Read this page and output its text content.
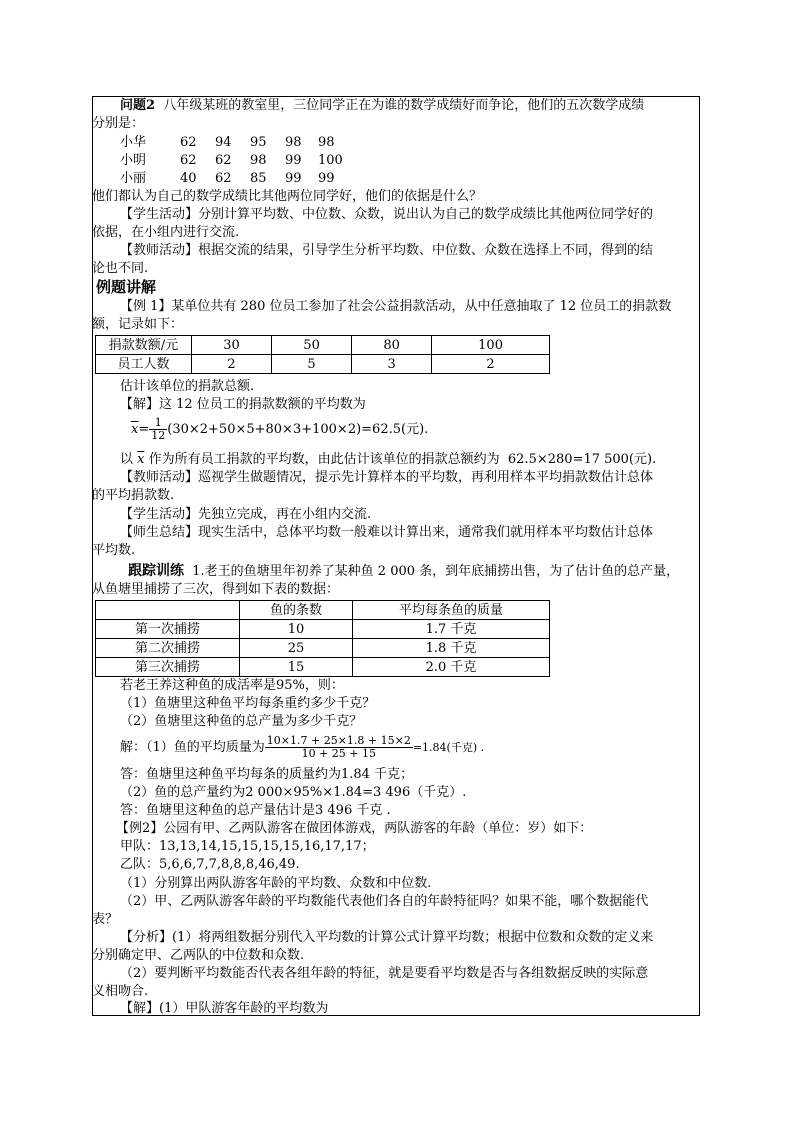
问题2  八年级某班的教室里，三位同学正在为谁的数学成绩好而争论，他们的五次数学成绩
分别是：
小华	62 94 95 98 98
小明	62 62 98 99 100
小丽	40 62 85 99 99
他们都认为自己的数学成绩比其他两位同学好，他们的依据是什么？
【学生活动】分别计算平均数、中位数、众数，说出认为自己的数学成绩比其他两位同学好的
依据，在小组内进行交流.
【教师活动】根据交流的结果，引导学生分析平均数、中位数、众数在选择上不同，得到的结
论也不同.
例题讲解
【例 1】某单位共有 280 位员工参加了社会公益捐款活动，从中任意抽取了 12 位员工的捐款数
额，记录如下：
捐款数额/元	30	50	80	100
员工人数	2	5	3	2
估计该单位的捐款总额.
【解】这 12 位员工的捐款数额的平均数为
$\overline{x}= \frac{1}{12} (30\times 2+50\times 5+80\times 3+100\times 2)=62.5$(元).
以 $\overline{x}$ 作为所有员工捐款的平均数，由此估计该单位的捐款总额约为  62.5×280=17 500(元).
【教师活动】巡视学生做题情况，提示先计算样本的平均数，再利用样本平均捐款数估计总体
的平均捐款数.
【学生活动】先独立完成，再在小组内交流.
【师生总结】现实生活中，总体平均数一般难以计算出来，通常我们就用样本平均数估计总体
平均数.
跟踪训练  1.老王的鱼塘里年初养了某种鱼 2 000 条，到年底捕捞出售，为了估计鱼的总产量，
从鱼塘里捕捞了三次，得到如下表的数据：
	鱼的条数	平均每条鱼的质量
第一次捕捞	10	1.7 千克
第二次捕捞	25	1.8 千克
第三次捕捞	15	2.0 千克
若老王养这种鱼的成活率是95%，则：
（1）鱼塘里这种鱼平均每条重约多少千克？
（2）鱼塘里这种鱼的总产量为多少千克？
解：（1）鱼的平均质量为 $\frac{10\times 1.7 + 25\times 1.8 + 15\times 2}{10 + 25 + 15} =1.84$(千克) .
答：鱼塘里这种鱼平均每条的质量约为1.84 千克；
（2）鱼的总产量约为2 000×95%×1.84=3 496（千克）.
答：鱼塘里这种鱼的总产量估计是3 496 千克 .
【例2】公园有甲、乙两队游客在做团体游戏，两队游客的年龄（单位：岁）如下：
甲队：13,13,14,15,15,15,15,16,17,17；
乙队：5,6,6,7,7,8,8,8,46,49.
（1）分别算出两队游客年龄的平均数、众数和中位数.
（2）甲、乙两队游客年龄的平均数能代表他们各自的年龄特征吗？如果不能，哪个数据能代
表？
【分析】(1）将两组数据分别代入平均数的计算公式计算平均数；根据中位数和众数的定义来
分别确定甲、乙两队的中位数和众数.
（2）要判断平均数能否代表各组年龄的特征，就是要看平均数是否与各组数据反映的实际意
义相吻合.
【解】(1）甲队游客年龄的平均数为
